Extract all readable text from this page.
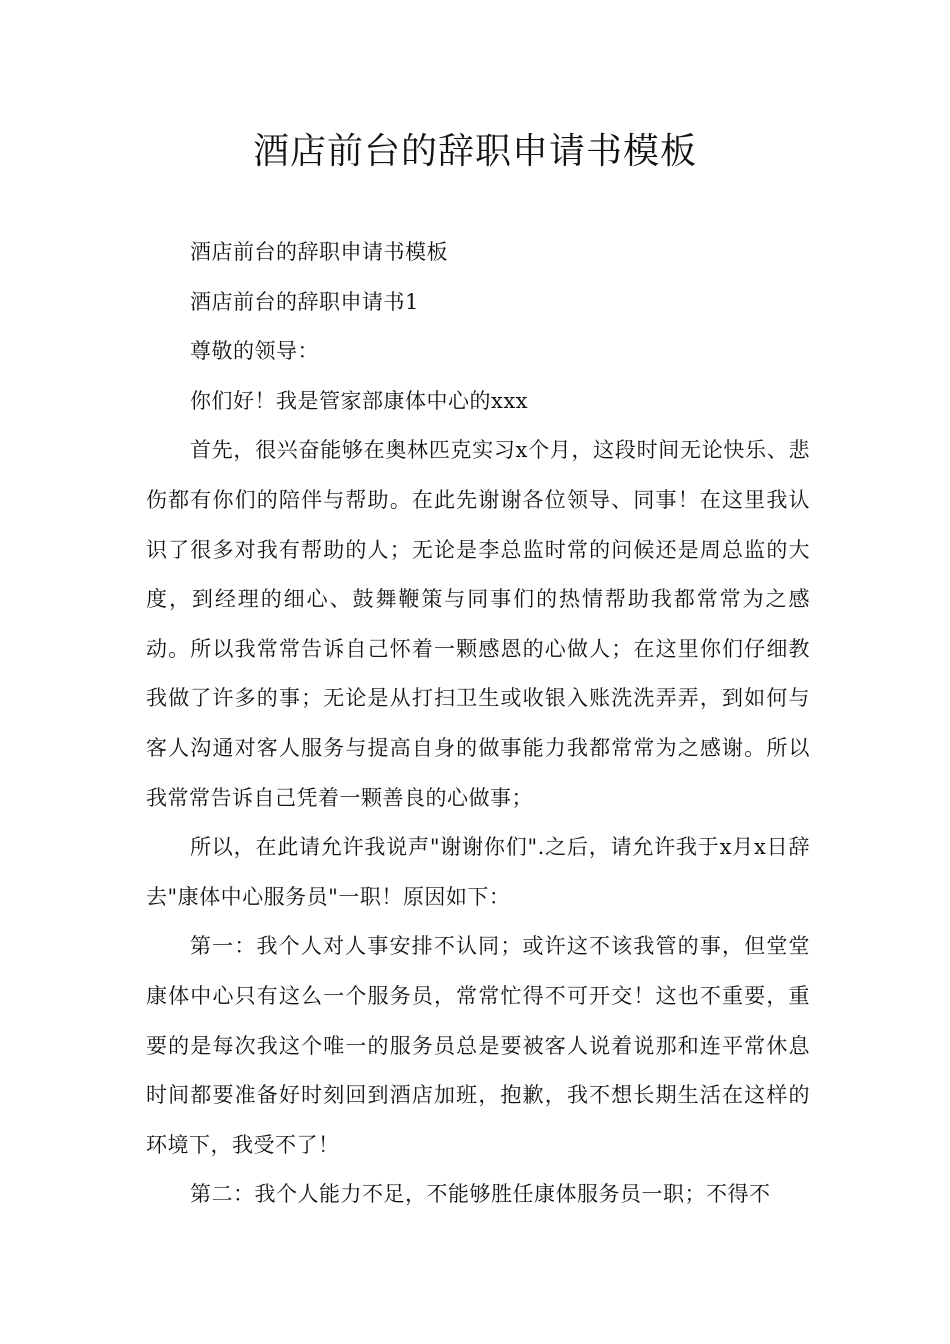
酒店前台的辞职申请书模板

酒店前台的辞职申请书模板

酒店前台的辞职申请书1

尊敬的领导：

你们好！我是管家部康体中心的xxx

首先，很兴奋能够在奥林匹克实习x个月，这段时间无论快乐、悲伤都有你们的陪伴与帮助。在此先谢谢各位领导、同事！在这里我认识了很多对我有帮助的人；无论是李总监时常的问候还是周总监的大度，到经理的细心、鼓舞鞭策与同事们的热情帮助我都常常为之感动。所以我常常告诉自己怀着一颗感恩的心做人；在这里你们仔细教我做了许多的事；无论是从打扫卫生或收银入账洗洗弄弄，到如何与客人沟通对客人服务与提高自身的做事能力我都常常为之感谢。所以我常常告诉自己凭着一颗善良的心做事；

所以，在此请允许我说声"谢谢你们".之后，请允许我于x月x日辞去"康体中心服务员"一职！原因如下：

第一：我个人对人事安排不认同；或许这不该我管的事，但堂堂康体中心只有这么一个服务员，常常忙得不可开交！这也不重要，重要的是每次我这个唯一的服务员总是要被客人说着说那和连平常休息时间都要准备好时刻回到酒店加班，抱歉，我不想长期生活在这样的环境下，我受不了！

第二：我个人能力不足，不能够胜任康体服务员一职；不得不
